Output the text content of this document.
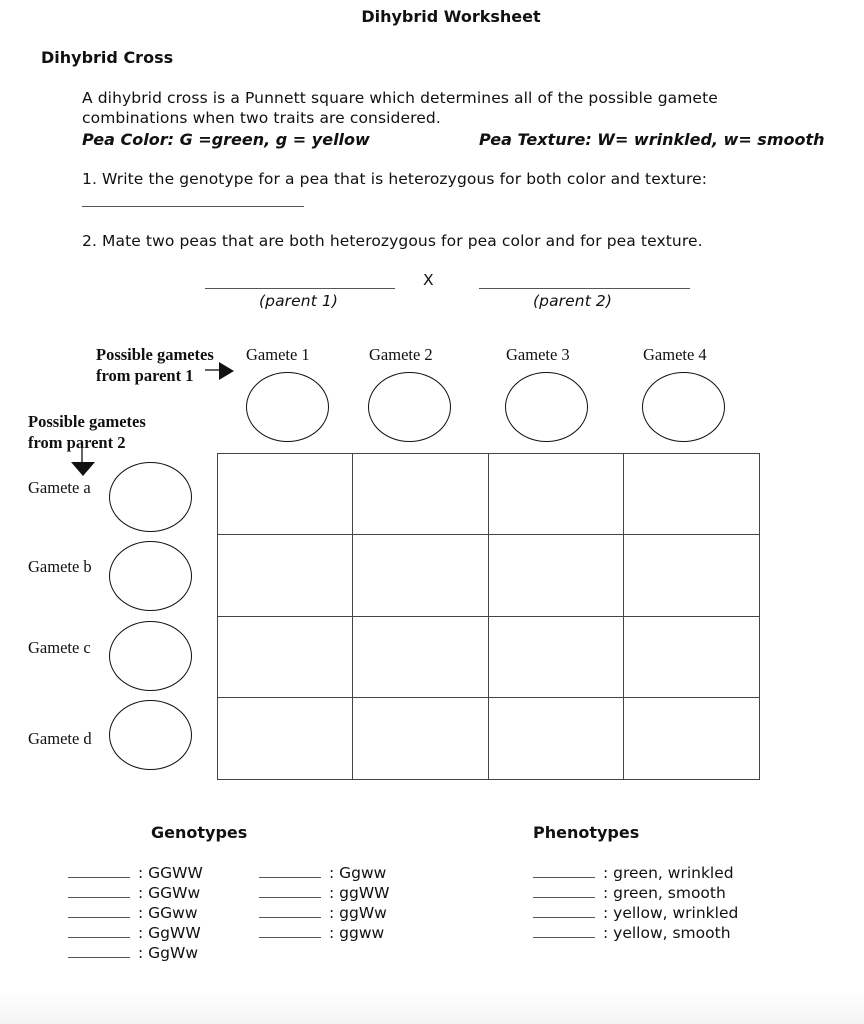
Dihybrid Worksheet
Dihybrid Cross
A dihybrid cross is a Punnett square which determines all of the possible gamete
combinations when two traits are considered.
Pea Color: G =green, g = yellow	Pea Texture: W= wrinkled, w= smooth
1. Write the genotype for a pea that is heterozygous for both color and texture:
2. Mate two peas that are both heterozygous for pea color and for pea texture.
X
(parent 1)	(parent 2)
Possible gametes
from parent 1
Possible gametes
from parent 2
Gamete 1	Gamete 2	Gamete 3	Gamete 4
Gamete a
Gamete b
Gamete c
Gamete d
Genotypes
: GGWW
: GGWw
: GGww
: GgWW
: GgWw
: Ggww
: ggWW
: ggWw
: ggww
Phenotypes
: green, wrinkled
: green, smooth
: yellow, wrinkled
: yellow, smooth
